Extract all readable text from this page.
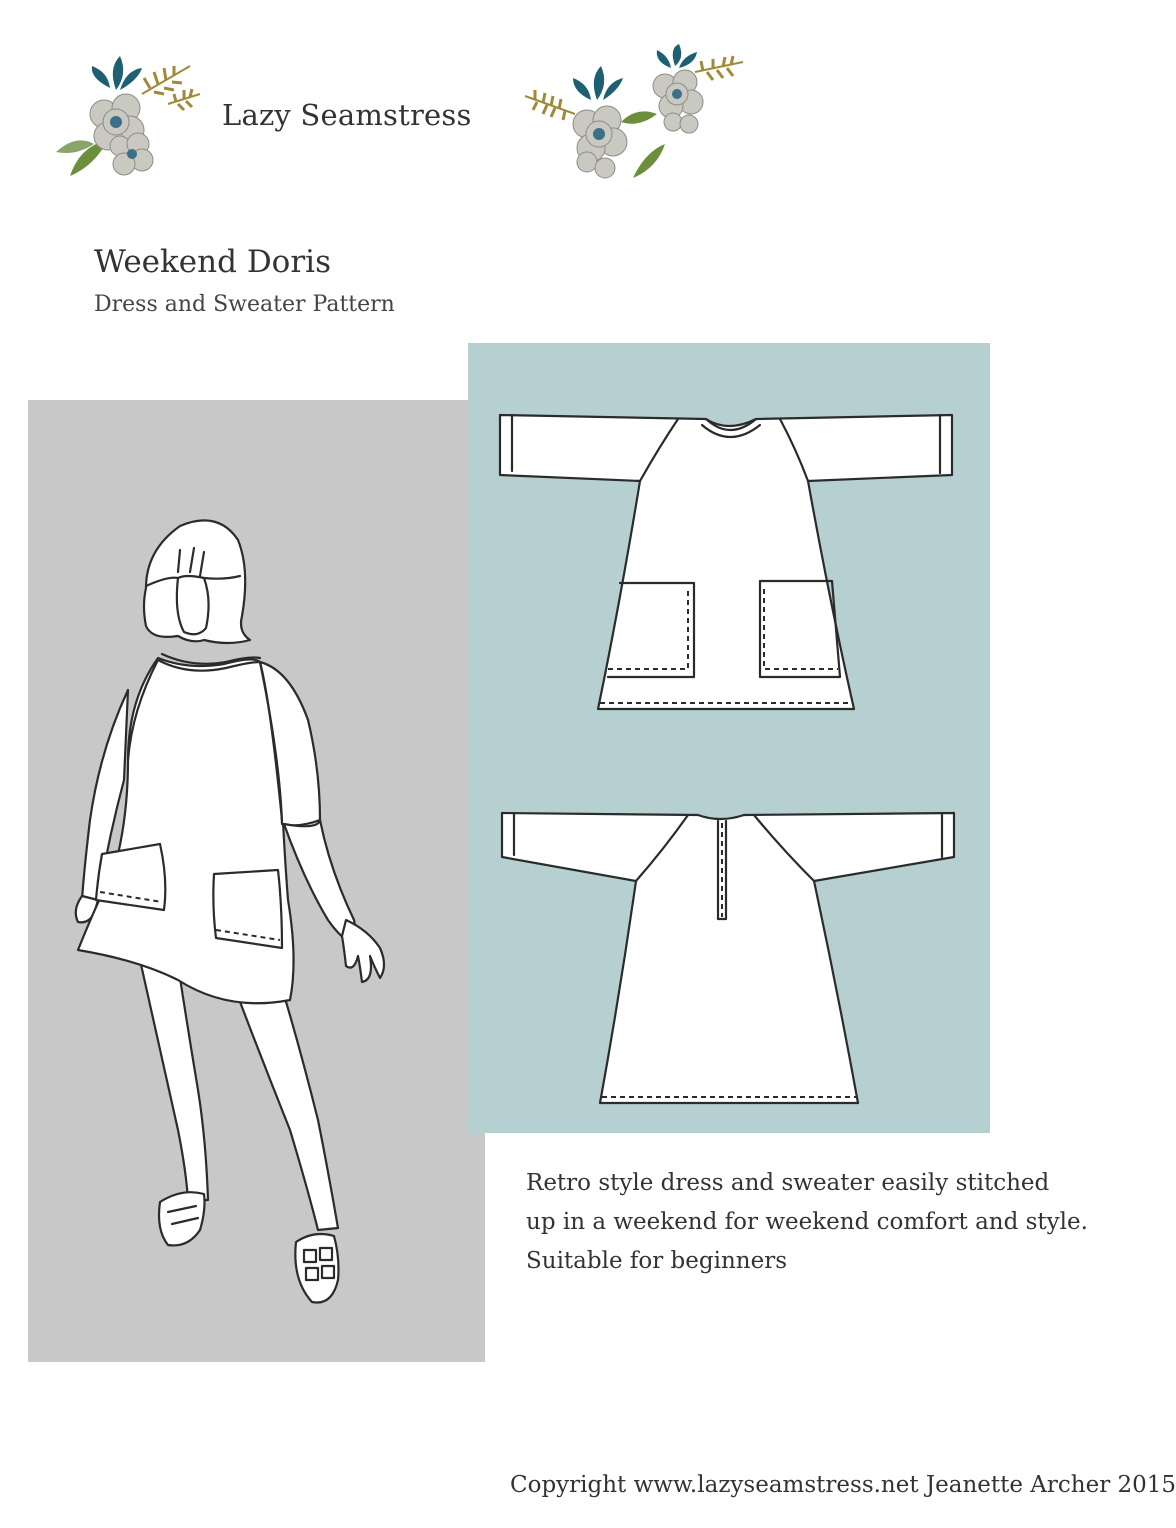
Lazy Seamstress
Weekend Doris
Dress and Sweater Pattern
Retro style dress and sweater easily stitched
up in a weekend for weekend comfort and style.
Suitable for beginners
Copyright www.lazyseamstress.net Jeanette Archer 2015
